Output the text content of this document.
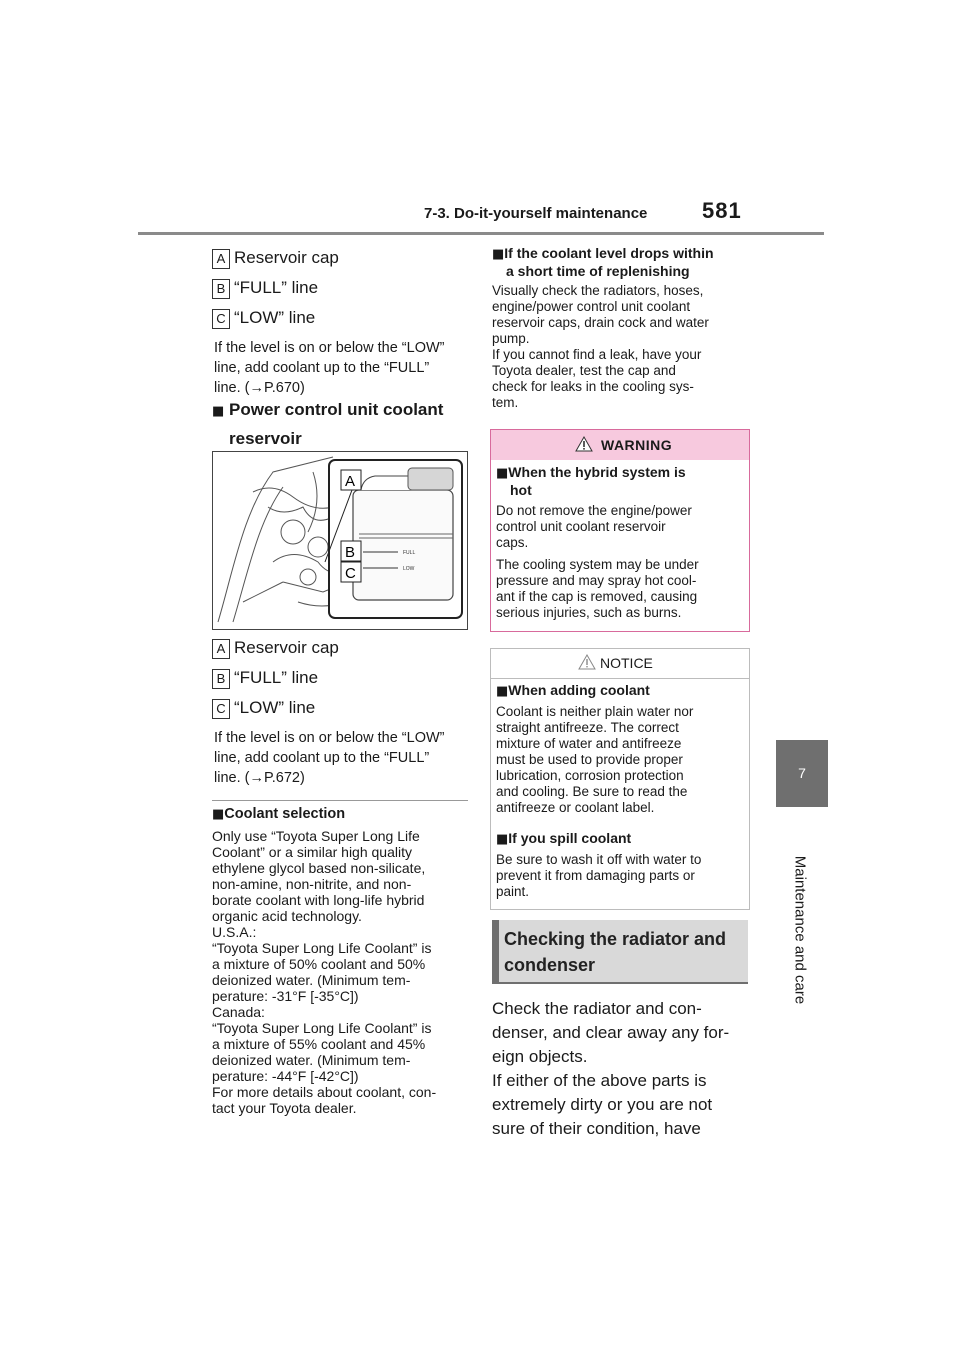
7-3. Do-it-yourself maintenance 581
7
Maintenance and care
A Reservoir cap
B “FULL” line
C “LOW” line
If the level is on or below the “LOW”
line, add coolant up to the “FULL”
line. (→P.670)
■ Power control unit coolant
reservoir
FULL
LOW
A
B
C
A Reservoir cap
B “FULL” line
C “LOW” line
If the level is on or below the “LOW”
line, add coolant up to the “FULL”
line. (→P.672)
■Coolant selection
Only use “Toyota Super Long Life
Coolant” or a similar high quality
ethylene glycol based non-silicate,
non-amine, non-nitrite, and non-
borate coolant with long-life hybrid
organic acid technology.
U.S.A.:
“Toyota Super Long Life Coolant” is
a mixture of 50% coolant and 50%
deionized water. (Minimum tem-
perature: -31°F [-35°C])
Canada:
“Toyota Super Long Life Coolant” is
a mixture of 55% coolant and 45%
deionized water. (Minimum tem-
perature: -44°F [-42°C])
For more details about coolant, con-
tact your Toyota dealer.
■If the coolant level drops within
a short time of replenishing
Visually check the radiators, hoses,
engine/power control unit coolant
reservoir caps, drain cock and water
pump.
If you cannot find a leak, have your
Toyota dealer, test the cap and
check for leaks in the cooling sys-
tem.
WARNING
■When the hybrid system is
hot
Do not remove the engine/power
control unit coolant reservoir
caps.
The cooling system may be under
pressure and may spray hot cool-
ant if the cap is removed, causing
serious injuries, such as burns.
NOTICE
■When adding coolant
Coolant is neither plain water nor
straight antifreeze. The correct
mixture of water and antifreeze
must be used to provide proper
lubrication, corrosion protection
and cooling. Be sure to read the
antifreeze or coolant label.
■If you spill coolant
Be sure to wash it off with water to
prevent it from damaging parts or
paint.
Checking the radiator and
condenser
Check the radiator and con-
denser, and clear away any for-
eign objects.
If either of the above parts is
extremely dirty or you are not
sure of their condition, have
